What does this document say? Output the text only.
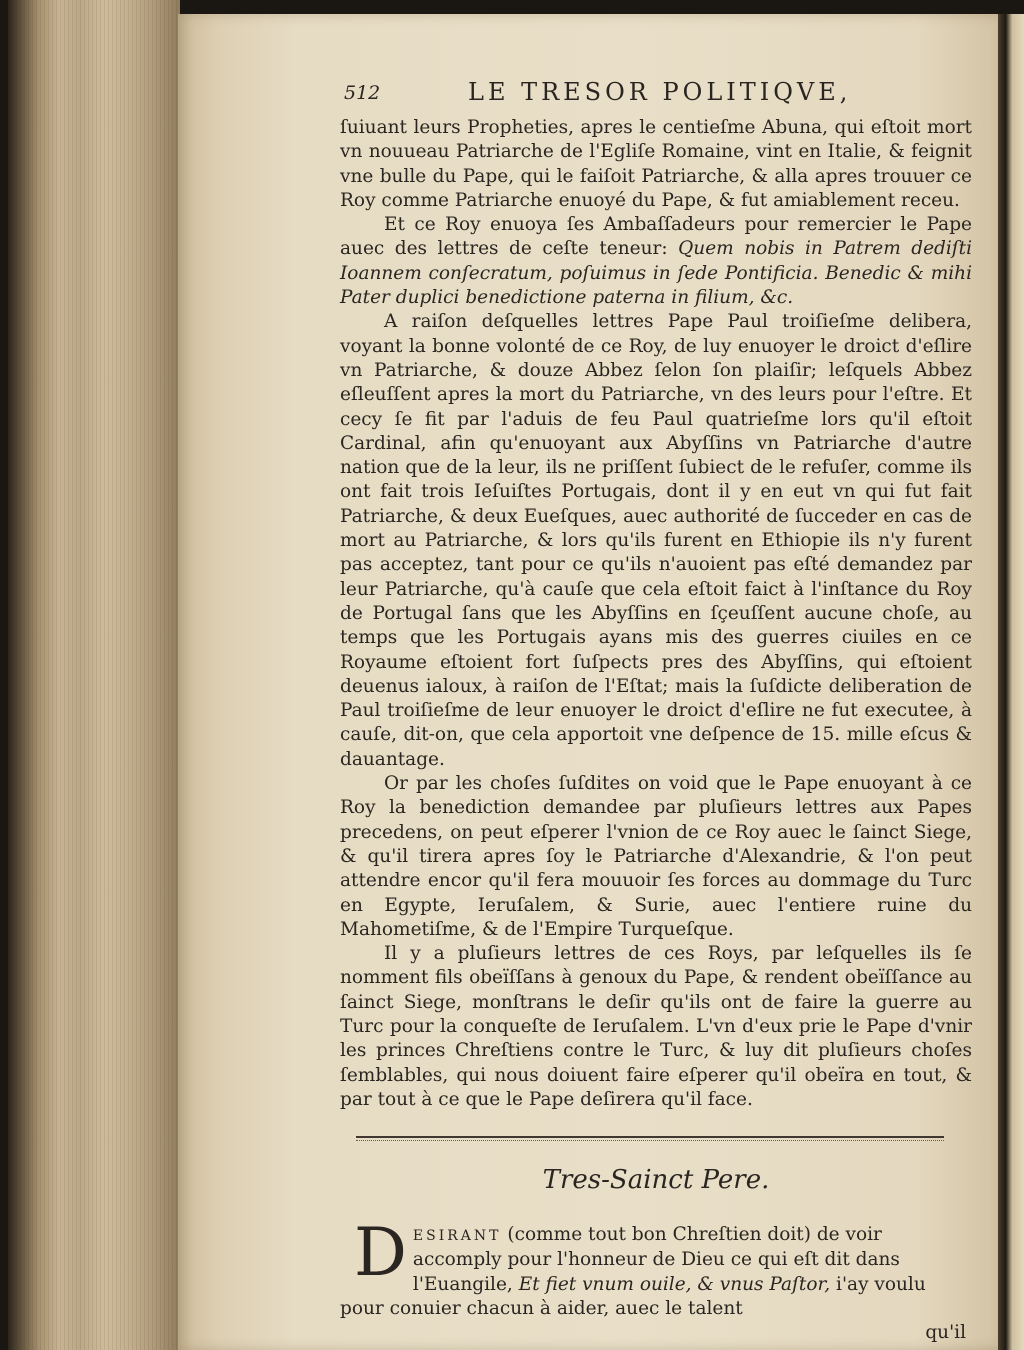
512	LE TRESOR POLITIQVE,

ſuiuant leurs Propheties, apres le centieſme Abuna, qui eſtoit mort vn nouueau Patriarche de l'Egliſe Romaine, vint en Italie, & feignit vne bulle du Pape, qui le faiſoit Patriarche, & alla apres trouuer ce Roy comme Patriarche enuoyé du Pape, & fut amiablement receu.

Et ce Roy enuoya ſes Ambaſſadeurs pour remercier le Pape auec des lettres de ceſte teneur: Quem nobis in Patrem dediſti Ioannem conſecratum, poſuimus in ſede Pontificia. Benedic & mihi Pater duplici benedictione paterna in filium, &c.

A raiſon deſquelles lettres Pape Paul troiſieſme delibera, voyant la bonne volonté de ce Roy, de luy enuoyer le droict d'eſlire vn Patriarche, & douze Abbez ſelon ſon plaiſir; leſquels Abbez eſleuſſent apres la mort du Patriarche, vn des leurs pour l'eſtre. Et cecy ſe fit par l'aduis de feu Paul quatrieſme lors qu'il eſtoit Cardinal, afin qu'enuoyant aux Abyſſins vn Patriarche d'autre nation que de la leur, ils ne priſſent ſubiect de le refuſer, comme ils ont fait trois Ieſuiſtes Portugais, dont il y en eut vn qui fut fait Patriarche, & deux Eueſques, auec authorité de ſucceder en cas de mort au Patriarche, & lors qu'ils furent en Ethiopie ils n'y furent pas acceptez, tant pour ce qu'ils n'auoient pas eſté demandez par leur Patriarche, qu'à cauſe que cela eſtoit faict à l'inſtance du Roy de Portugal ſans que les Abyſſins en ſçeuſſent aucune choſe, au temps que les Portugais ayans mis des guerres ciuiles en ce Royaume eſtoient fort ſuſpects pres des Abyſſins, qui eſtoient deuenus ialoux, à raiſon de l'Eſtat; mais la ſuſdicte deliberation de Paul troiſieſme de leur enuoyer le droict d'eſlire ne fut executee, à cauſe, dit-on, que cela apportoit vne deſpence de 15. mille eſcus & dauantage.

Or par les choſes ſuſdites on void que le Pape enuoyant à ce Roy la benediction demandee par pluſieurs lettres aux Papes precedens, on peut eſperer l'vnion de ce Roy auec le ſainct Siege, & qu'il tirera apres ſoy le Patriarche d'Alexandrie, & l'on peut attendre encor qu'il fera mouuoir ſes forces au dommage du Turc en Egypte, Ieruſalem, & Surie, auec l'entiere ruine du Mahometiſme, & de l'Empire Turqueſque.

Il y a pluſieurs lettres de ces Roys, par leſquelles ils ſe nomment fils obeïſſans à genoux du Pape, & rendent obeïſſance au ſainct Siege, monſtrans le deſir qu'ils ont de faire la guerre au Turc pour la conqueſte de Ieruſalem. L'vn d'eux prie le Pape d'vnir les princes Chreſtiens contre le Turc, & luy dit pluſieurs choſes ſemblables, qui nous doiuent faire eſperer qu'il obeïra en tout, & par tout à ce que le Pape deſirera qu'il face.

Tres-Sainct Pere.
D ESIRANT (comme tout bon Chreſtien doit) de voir accomply pour l'honneur de Dieu ce qui eſt dit dans l'Euangile, Et fiet vnum ouile, & vnus Paſtor, i'ay voulu pour conuier chacun à aider, auec le talent
qu'il
